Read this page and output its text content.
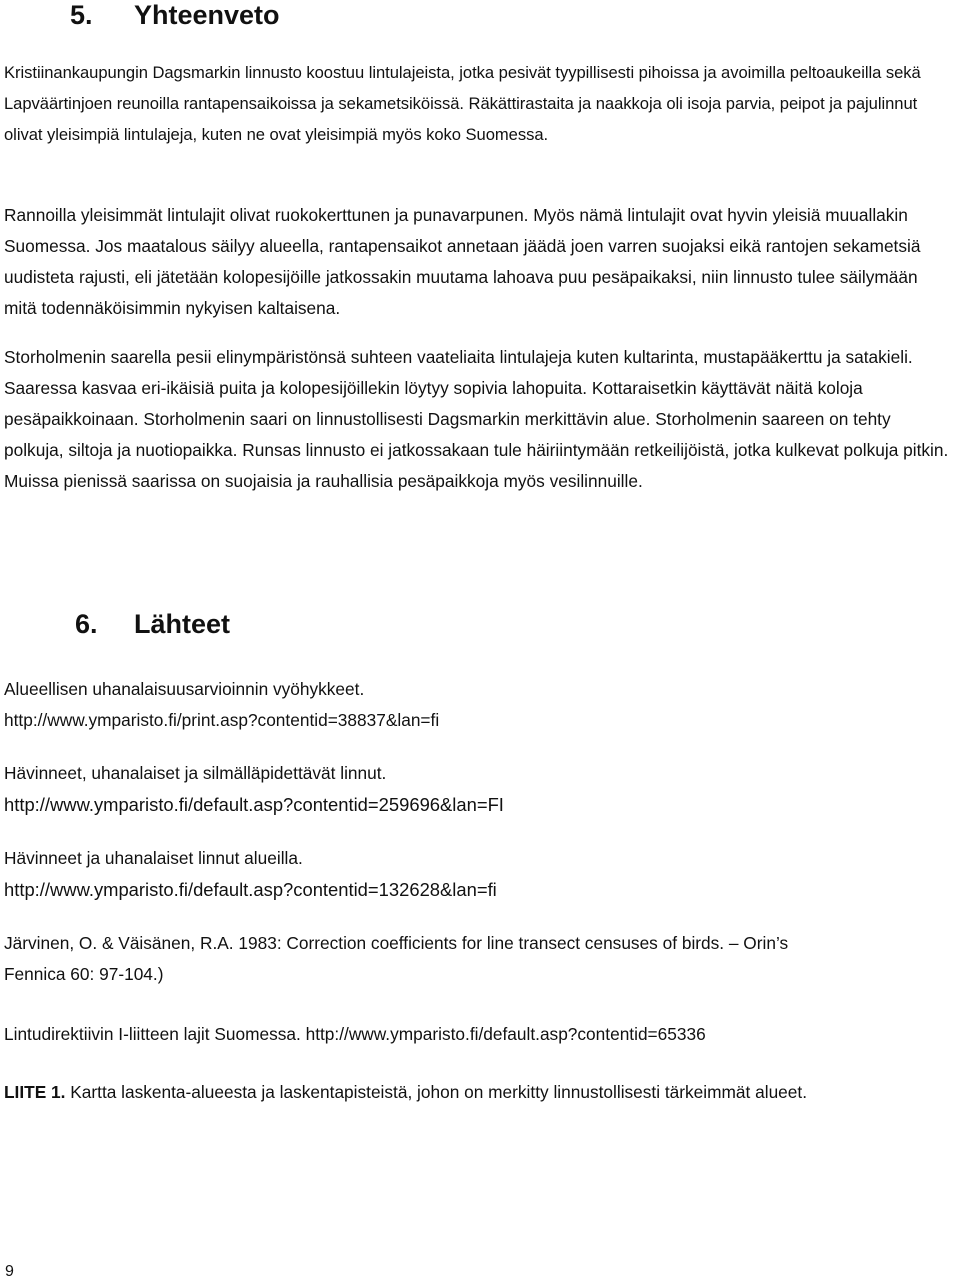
5. Yhteenveto

Kristiinankaupungin Dagsmarkin linnusto koostuu lintulajeista, jotka pesivät tyypillisesti pihoissa ja avoimilla peltoaukeilla sekä Lapväärtinjoen reunoilla rantapensaikoissa ja sekametsiköissä. Räkättirastaita ja naakkoja oli isoja parvia, peipot ja pajulinnut olivat yleisimpiä lintulajeja, kuten ne ovat yleisimpiä myös koko Suomessa.

Rannoilla yleisimmät lintulajit olivat ruokokerttunen ja punavarpunen. Myös nämä lintulajit ovat hyvin yleisiä muuallakin Suomessa. Jos maatalous säilyy alueella, rantapensaikot annetaan jäädä joen varren suojaksi eikä rantojen sekametsiä uudisteta rajusti, eli jätetään kolopesijöille jatkossakin muutama lahoava puu pesäpaikaksi, niin linnusto tulee säilymään mitä todennäköisimmin nykyisen kaltaisena.

Storholmenin saarella pesii elinympäristönsä suhteen vaateliaita lintulajeja kuten kultarinta, mustapääkerttu ja satakieli. Saaressa kasvaa eri-ikäisiä puita ja kolopesijöillekin löytyy sopivia lahopuita. Kottaraisetkin käyttävät näitä koloja pesäpaikkoinaan. Storholmenin saari on linnustollisesti Dagsmarkin merkittävin alue. Storholmenin saareen on tehty polkuja, siltoja ja nuotiopaikka. Runsas linnusto ei jatkossakaan tule häiriintymään retkeilijöistä, jotka kulkevat polkuja pitkin. Muissa pienissä saarissa on suojaisia ja rauhallisia pesäpaikkoja myös vesilinnuille.

6. Lähteet
Alueellisen uhanalaisuusarvioinnin vyöhykkeet.
http://www.ymparisto.fi/print.asp?contentid=38837&lan=fi
Hävinneet, uhanalaiset ja silmälläpidettävät linnut.
http://www.ymparisto.fi/default.asp?contentid=259696&lan=FI
Hävinneet ja uhanalaiset linnut alueilla.
http://www.ymparisto.fi/default.asp?contentid=132628&lan=fi
Järvinen, O. & Väisänen, R.A. 1983: Correction coefficients for line transect censuses of birds. – Orin’s
Fennica 60: 97-104.)
Lintudirektiivin I-liitteen lajit Suomessa. http://www.ymparisto.fi/default.asp?contentid=65336
LIITE 1. Kartta laskenta-alueesta ja laskentapisteistä, johon on merkitty linnustollisesti tärkeimmät alueet.
9
